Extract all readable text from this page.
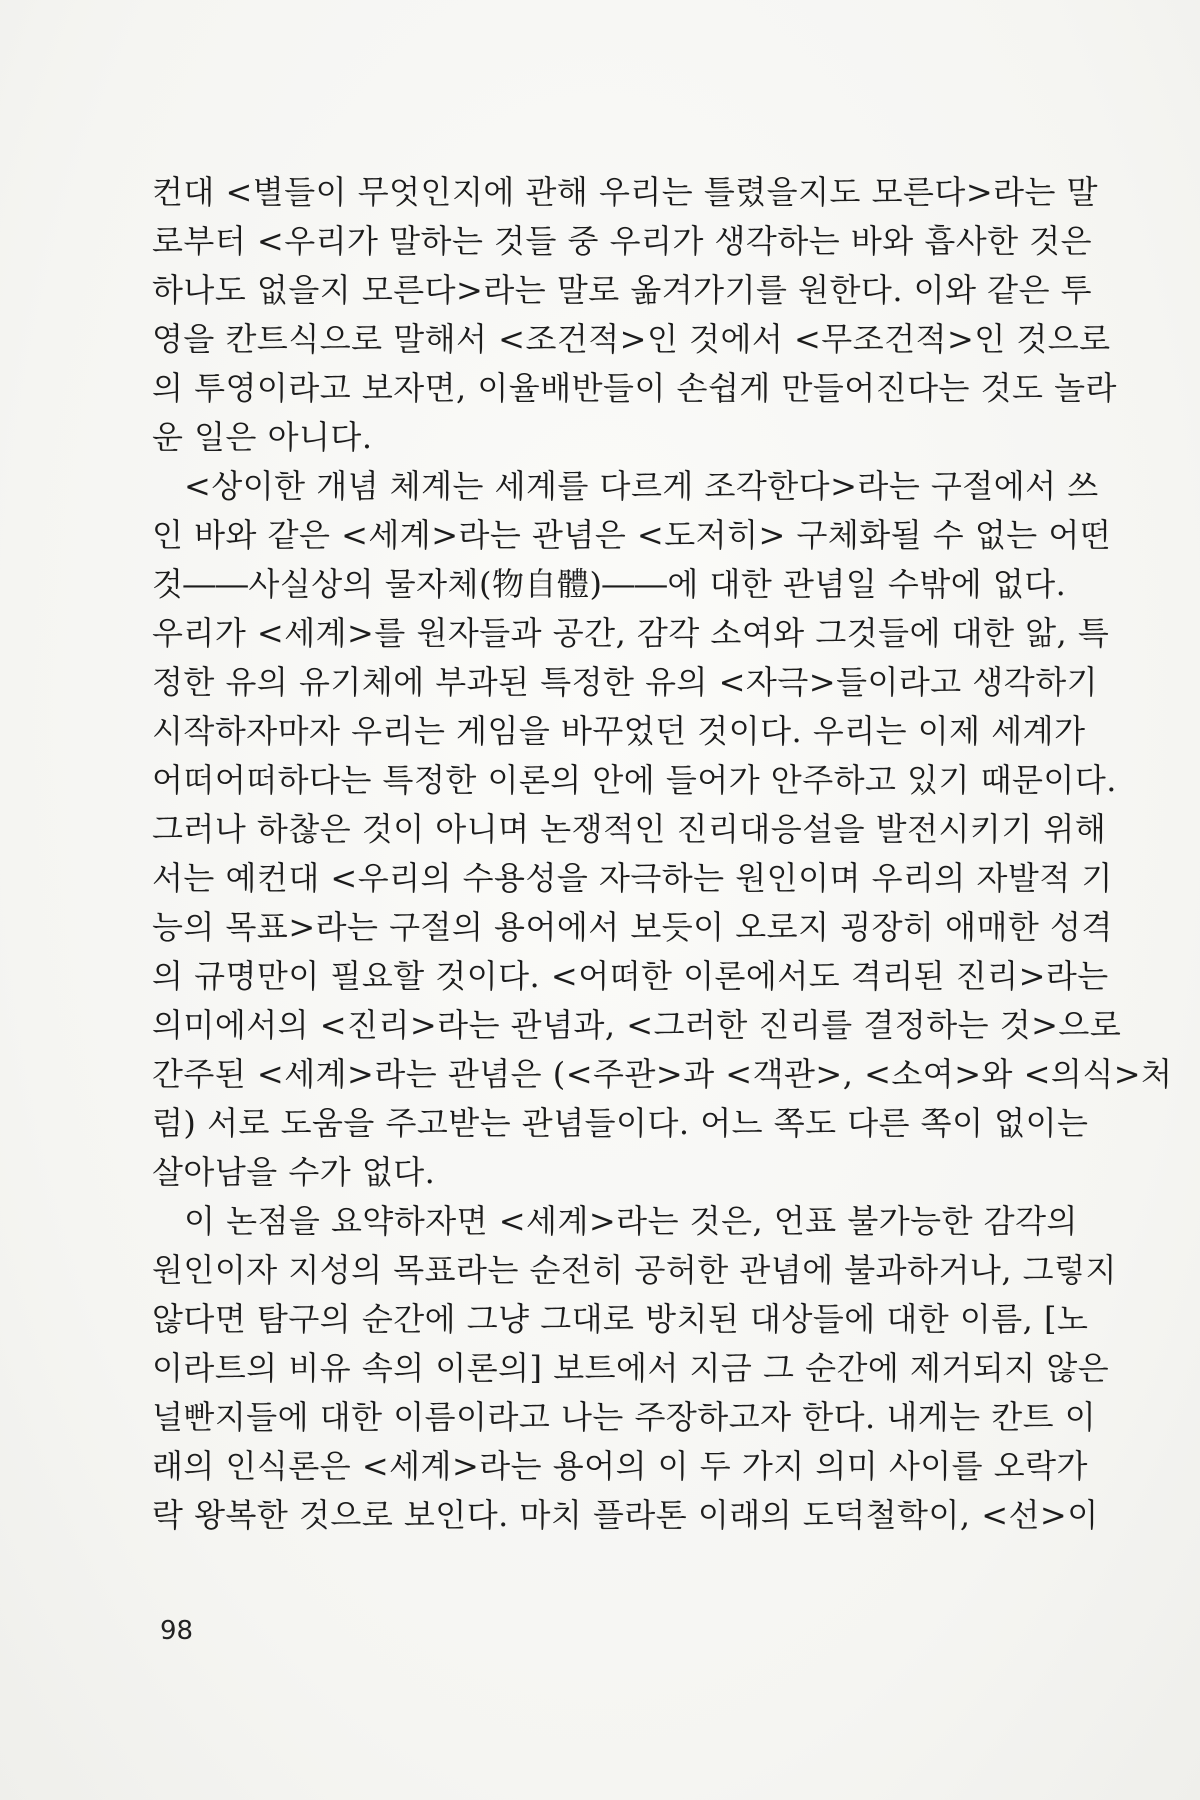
컨대 <별들이 무엇인지에 관해 우리는 틀렸을지도 모른다>라는 말
로부터 <우리가 말하는 것들 중 우리가 생각하는 바와 흡사한 것은
하나도 없을지 모른다>라는 말로 옮겨가기를 원한다. 이와 같은 투
영을 칸트식으로 말해서 <조건적>인 것에서 <무조건적>인 것으로
의 투영이라고 보자면, 이율배반들이 손쉽게 만들어진다는 것도 놀라
운 일은 아니다.
<상이한 개념 체계는 세계를 다르게 조각한다>라는 구절에서 쓰
인 바와 같은 <세계>라는 관념은 <도저히> 구체화될 수 없는 어떤
것――사실상의 물자체(物自體)――에 대한 관념일 수밖에 없다.
우리가 <세계>를 원자들과 공간, 감각 소여와 그것들에 대한 앎, 특
정한 유의 유기체에 부과된 특정한 유의 <자극>들이라고 생각하기
시작하자마자 우리는 게임을 바꾸었던 것이다. 우리는 이제 세계가
어떠어떠하다는 특정한 이론의 안에 들어가 안주하고 있기 때문이다.
그러나 하찮은 것이 아니며 논쟁적인 진리대응설을 발전시키기 위해
서는 예컨대 <우리의 수용성을 자극하는 원인이며 우리의 자발적 기
능의 목표>라는 구절의 용어에서 보듯이 오로지 굉장히 애매한 성격
의 규명만이 필요할 것이다. <어떠한 이론에서도 격리된 진리>라는
의미에서의 <진리>라는 관념과, <그러한 진리를 결정하는 것>으로
간주된 <세계>라는 관념은 (<주관>과 <객관>, <소여>와 <의식>처
럼) 서로 도움을 주고받는 관념들이다. 어느 쪽도 다른 쪽이 없이는
살아남을 수가 없다.
이 논점을 요약하자면 <세계>라는 것은, 언표 불가능한 감각의
원인이자 지성의 목표라는 순전히 공허한 관념에 불과하거나, 그렇지
않다면 탐구의 순간에 그냥 그대로 방치된 대상들에 대한 이름, [노
이라트의 비유 속의 이론의] 보트에서 지금 그 순간에 제거되지 않은
널빤지들에 대한 이름이라고 나는 주장하고자 한다. 내게는 칸트 이
래의 인식론은 <세계>라는 용어의 이 두 가지 의미 사이를 오락가
락 왕복한 것으로 보인다. 마치 플라톤 이래의 도덕철학이, <선>이
98
